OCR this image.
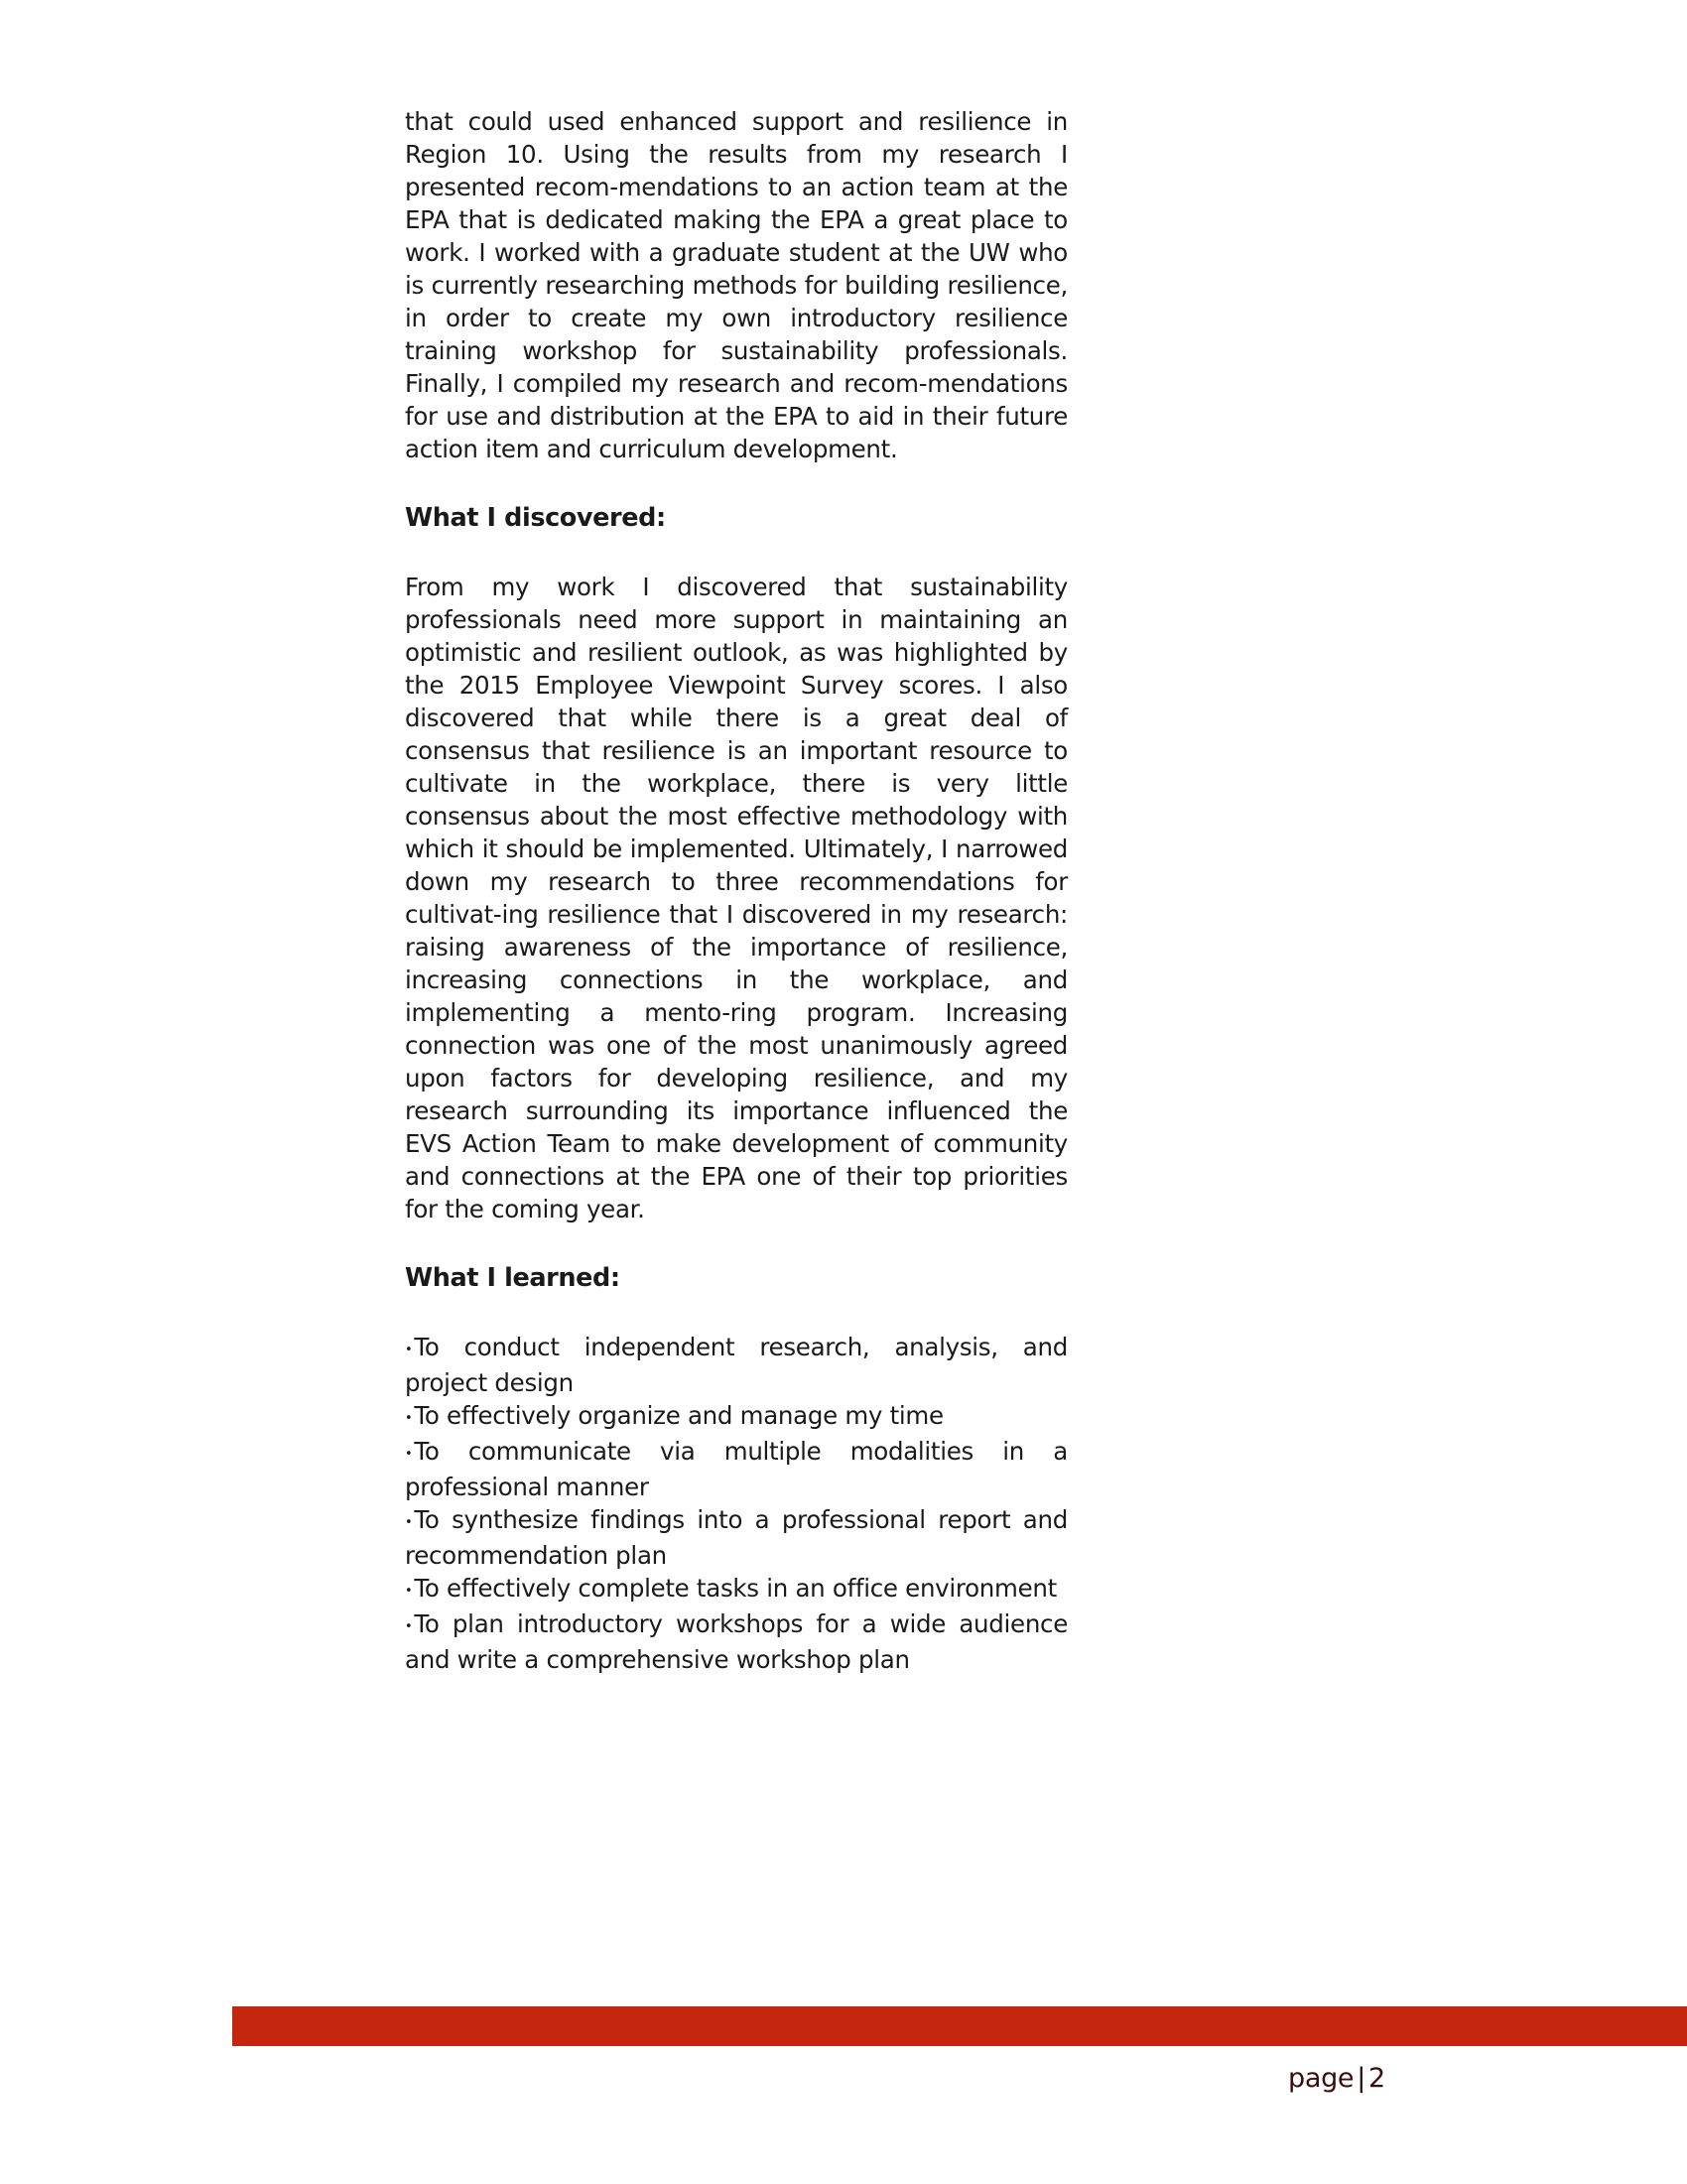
that could used enhanced support and resilience in Region 10. Using the results from my research I presented recom-mendations to an action team at the EPA that is dedicated making the EPA a great place to work. I worked with a graduate student at the UW who is currently researching methods for building resilience, in order to create my own introductory resilience training workshop for sustainability professionals. Finally, I compiled my research and recom-mendations for use and distribution at the EPA to aid in their future action item and curriculum development.

What I discovered:

From my work I discovered that sustainability professionals need more support in maintaining an optimistic and resilient outlook, as was highlighted by the 2015 Employee Viewpoint Survey scores. I also discovered that while there is a great deal of consensus that resilience is an important resource to cultivate in the workplace, there is very little consensus about the most effective methodology with which it should be implemented. Ultimately, I narrowed down my research to three recommendations for cultivat-ing resilience that I discovered in my research: raising awareness of the importance of resilience, increasing connections in the workplace, and implementing a mento-ring program. Increasing connection was one of the most unanimously agreed upon factors for developing resilience, and my research surrounding its importance influenced the EVS Action Team to make development of community and connections at the EPA one of their top priorities for the coming year.

What I learned:
•To conduct independent research, analysis, and project design
•To effectively organize and manage my time
•To communicate via multiple modalities in a professional manner
•To synthesize findings into a professional report and recommendation plan
•To effectively complete tasks in an office environment
•To plan introductory workshops for a wide audience and write a comprehensive workshop plan
page | 2
